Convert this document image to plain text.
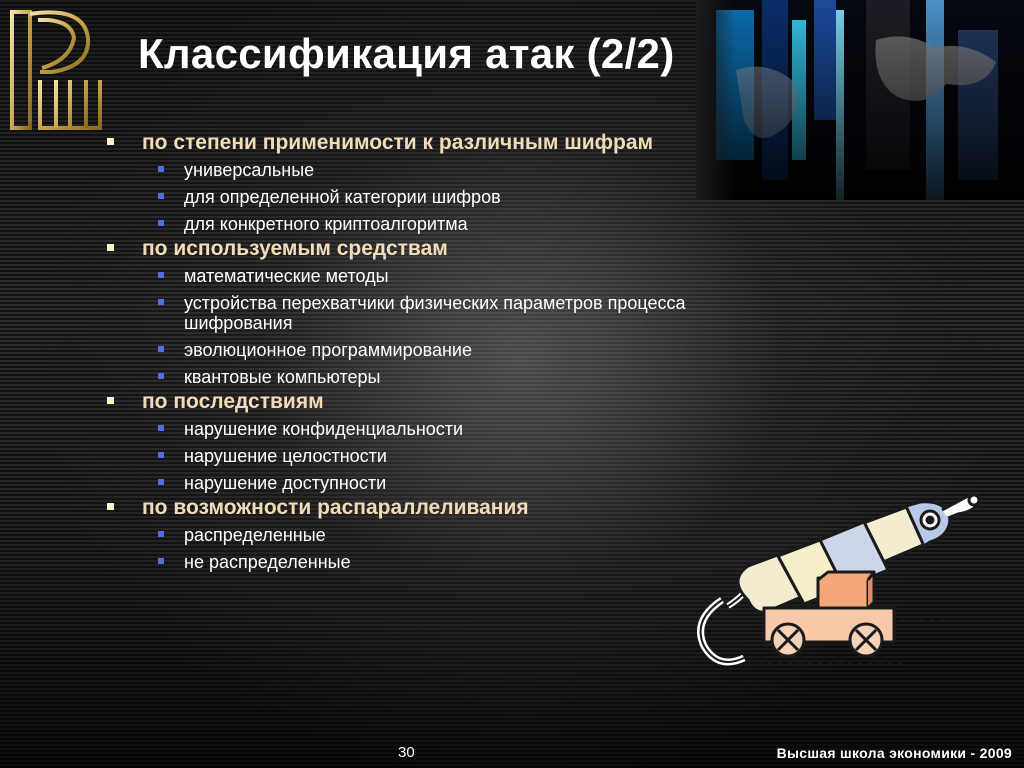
Классификация атак (2/2)
по степени применимости к различным шифрам
универсальные
для определенной категории шифров
для конкретного криптоалгоритма
по используемым средствам
математические методы
устройства перехватчики физических параметров процесса шифрования
эволюционное программирование
квантовые компьютеры
по последствиям
нарушение конфиденциальности
нарушение целостности
нарушение доступности
по возможности распараллеливания
распределенные
не распределенные
30	Высшая школа экономики - 2009
